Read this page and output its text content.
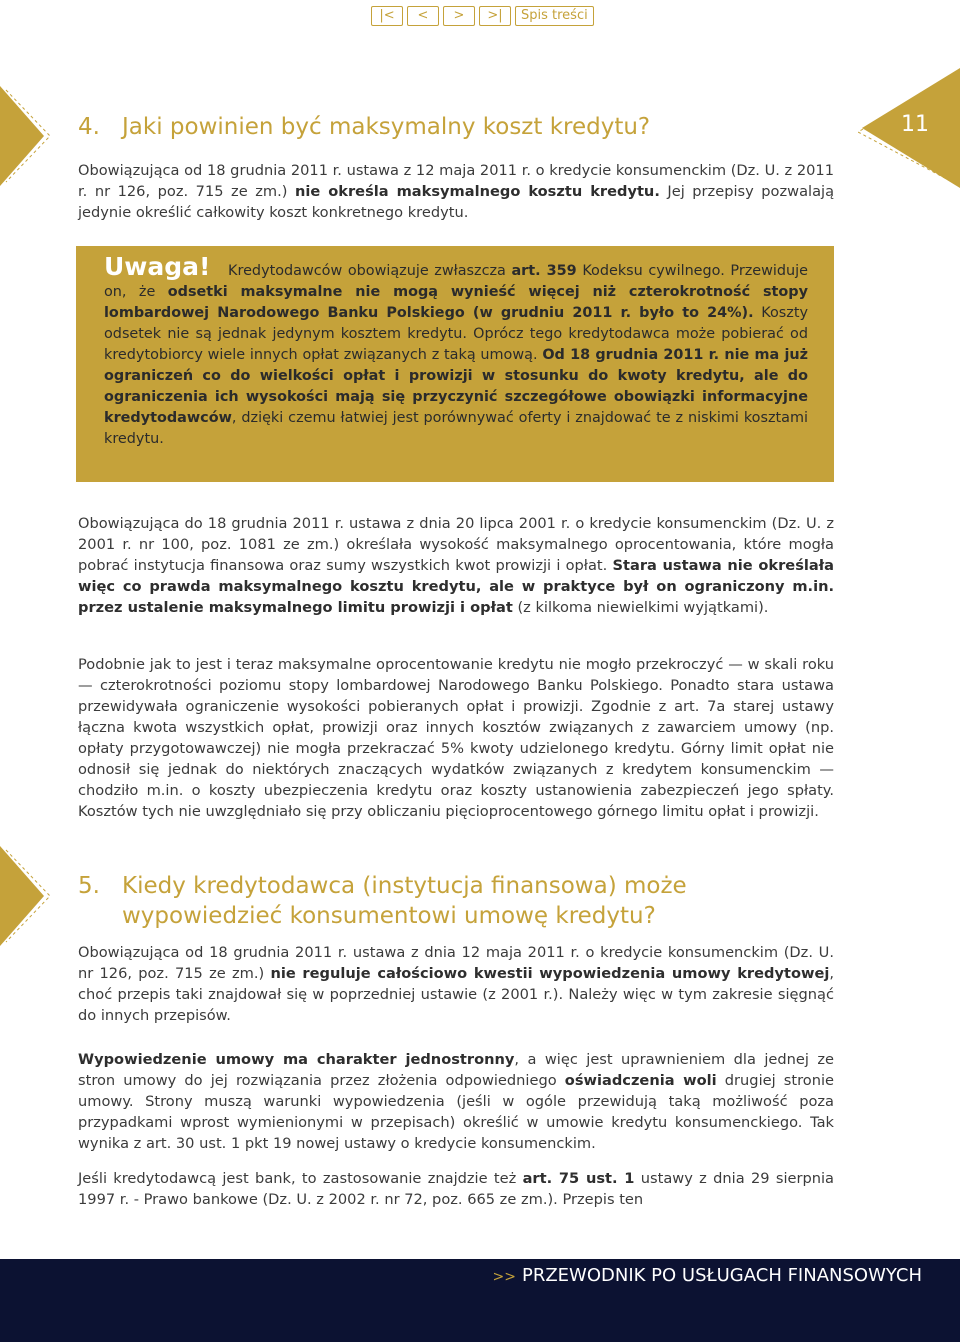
|<	<	>	>|	Spis treści
11
4. Jaki powinien być maksymalny koszt kredytu?

Obowiązująca od 18 grudnia 2011 r. ustawa z 12 maja 2011 r. o kredycie konsumenckim (Dz. U. z 2011 r. nr 126, poz. 715 ze zm.) nie określa maksymalnego kosztu kredytu. Jej przepisy pozwalają jedynie określić całkowity koszt konkretnego kredytu.

Uwaga! Kredytodawców obowiązuje zwłaszcza art. 359 Kodeksu cywilnego. Przewiduje on, że odsetki maksymalne nie mogą wynieść więcej niż czterokrotność stopy lombardowej Narodowego Banku Polskiego (w grudniu 2011 r. było to 24%). Koszty odsetek nie są jednak jedynym kosztem kredytu. Oprócz tego kredytodawca może pobierać od kredytobiorcy wiele innych opłat związanych z taką umową. Od 18 grudnia 2011 r. nie ma już ograniczeń co do wielkości opłat i prowizji w stosunku do kwoty kredytu, ale do ograniczenia ich wysokości mają się przyczynić szczegółowe obowiązki informacyjne kredytodawców, dzięki czemu łatwiej jest porównywać oferty i znajdować te z niskimi kosztami kredytu.

Obowiązująca do 18 grudnia 2011 r. ustawa z dnia 20 lipca 2001 r. o kredycie konsumenckim (Dz. U. z 2001 r. nr 100, poz. 1081 ze zm.) określała wysokość maksymalnego oprocentowania, które mogła pobrać instytucja finansowa oraz sumy wszystkich kwot prowizji i opłat. Stara ustawa nie określała więc co prawda maksymalnego kosztu kredytu, ale w praktyce był on ograniczony m.in. przez ustalenie maksymalnego limitu prowizji i opłat (z kilkoma niewielkimi wyjątkami).

Podobnie jak to jest i teraz maksymalne oprocentowanie kredytu nie mogło przekroczyć — w skali roku — czterokrotności poziomu stopy lombardowej Narodowego Banku Polskiego. Ponadto stara ustawa przewidywała ograniczenie wysokości pobieranych opłat i prowizji. Zgodnie z art. 7a starej ustawy łączna kwota wszystkich opłat, prowizji oraz innych kosztów związanych z zawarciem umowy (np. opłaty przygotowawczej) nie mogła przekraczać 5% kwoty udzielonego kredytu. Górny limit opłat nie odnosił się jednak do niektórych znaczących wydatków związanych z kredytem konsumenckim — chodziło m.in. o koszty ubezpieczenia kredytu oraz koszty ustanowienia zabezpieczeń jego spłaty. Kosztów tych nie uwzględniało się przy obliczaniu pięcioprocentowego górnego limitu opłat i prowizji.

5. Kiedy kredytodawca (instytucja finansowa) może
wypowiedzieć konsumentowi umowę kredytu?

Obowiązująca od 18 grudnia 2011 r. ustawa z dnia 12 maja 2011 r. o kredycie konsumenckim (Dz. U. nr 126, poz. 715 ze zm.) nie reguluje całościowo kwestii wypowiedzenia umowy kredytowej, choć przepis taki znajdował się w poprzedniej ustawie (z 2001 r.). Należy więc w tym zakresie sięgnąć do innych przepisów.

Wypowiedzenie umowy ma charakter jednostronny, a więc jest uprawnieniem dla jednej ze stron umowy do jej rozwiązania przez złożenia odpowiedniego oświadczenia woli drugiej stronie umowy. Strony muszą warunki wypowiedzenia (jeśli w ogóle przewidują taką możliwość poza przypadkami wprost wymienionymi w przepisach) określić w umowie kredytu konsumenckiego. Tak wynika z art. 30 ust. 1 pkt 19 nowej ustawy o kredycie konsumenckim.

Jeśli kredytodawcą jest bank, to zastosowanie znajdzie też art. 75 ust. 1 ustawy z dnia 29 sierpnia 1997 r. - Prawo bankowe (Dz. U. z 2002 r. nr 72, poz. 665 ze zm.). Przepis ten

>> PRZEWODNIK PO USŁUGACH FINANSOWYCH
